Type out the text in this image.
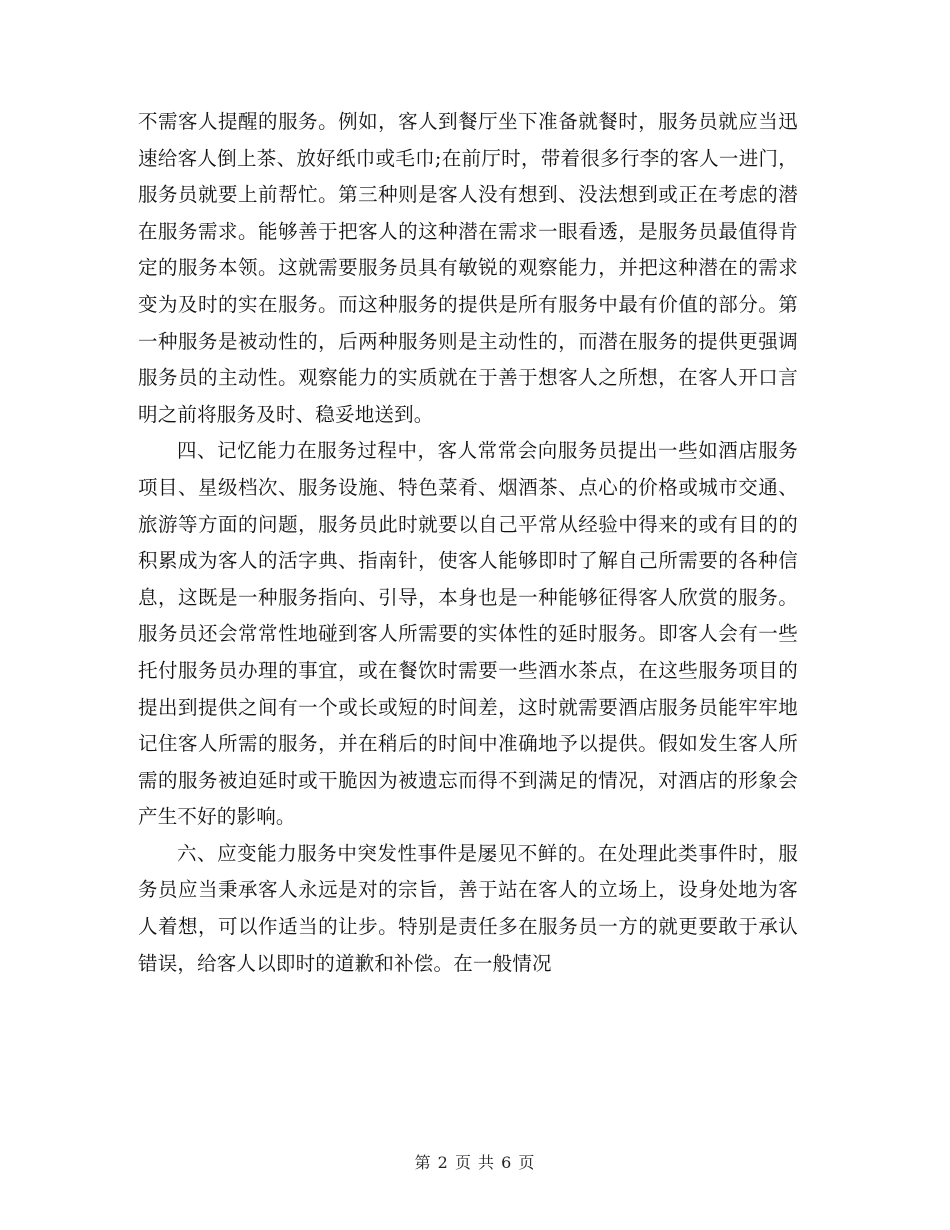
不需客人提醒的服务。例如，客人到餐厅坐下准备就餐时，服务员就应当迅速给客人倒上茶、放好纸巾或毛巾;在前厅时，带着很多行李的客人一进门，服务员就要上前帮忙。第三种则是客人没有想到、没法想到或正在考虑的潜在服务需求。能够善于把客人的这种潜在需求一眼看透，是服务员最值得肯定的服务本领。这就需要服务员具有敏锐的观察能力，并把这种潜在的需求变为及时的实在服务。而这种服务的提供是所有服务中最有价值的部分。第一种服务是被动性的，后两种服务则是主动性的，而潜在服务的提供更强调服务员的主动性。观察能力的实质就在于善于想客人之所想，在客人开口言明之前将服务及时、稳妥地送到。

四、记忆能力在服务过程中，客人常常会向服务员提出一些如酒店服务项目、星级档次、服务设施、特色菜肴、烟酒茶、点心的价格或城市交通、旅游等方面的问题，服务员此时就要以自己平常从经验中得来的或有目的的积累成为客人的活字典、指南针，使客人能够即时了解自己所需要的各种信息，这既是一种服务指向、引导，本身也是一种能够征得客人欣赏的服务。服务员还会常常性地碰到客人所需要的实体性的延时服务。即客人会有一些托付服务员办理的事宜，或在餐饮时需要一些酒水茶点，在这些服务项目的提出到提供之间有一个或长或短的时间差，这时就需要酒店服务员能牢牢地记住客人所需的服务，并在稍后的时间中准确地予以提供。假如发生客人所需的服务被迫延时或干脆因为被遗忘而得不到满足的情况，对酒店的形象会产生不好的影响。

六、应变能力服务中突发性事件是屡见不鲜的。在处理此类事件时，服务员应当秉承客人永远是对的宗旨，善于站在客人的立场上，设身处地为客人着想，可以作适当的让步。特别是责任多在服务员一方的就更要敢于承认错误，给客人以即时的道歉和补偿。在一般情况

第 2 页 共 6 页
